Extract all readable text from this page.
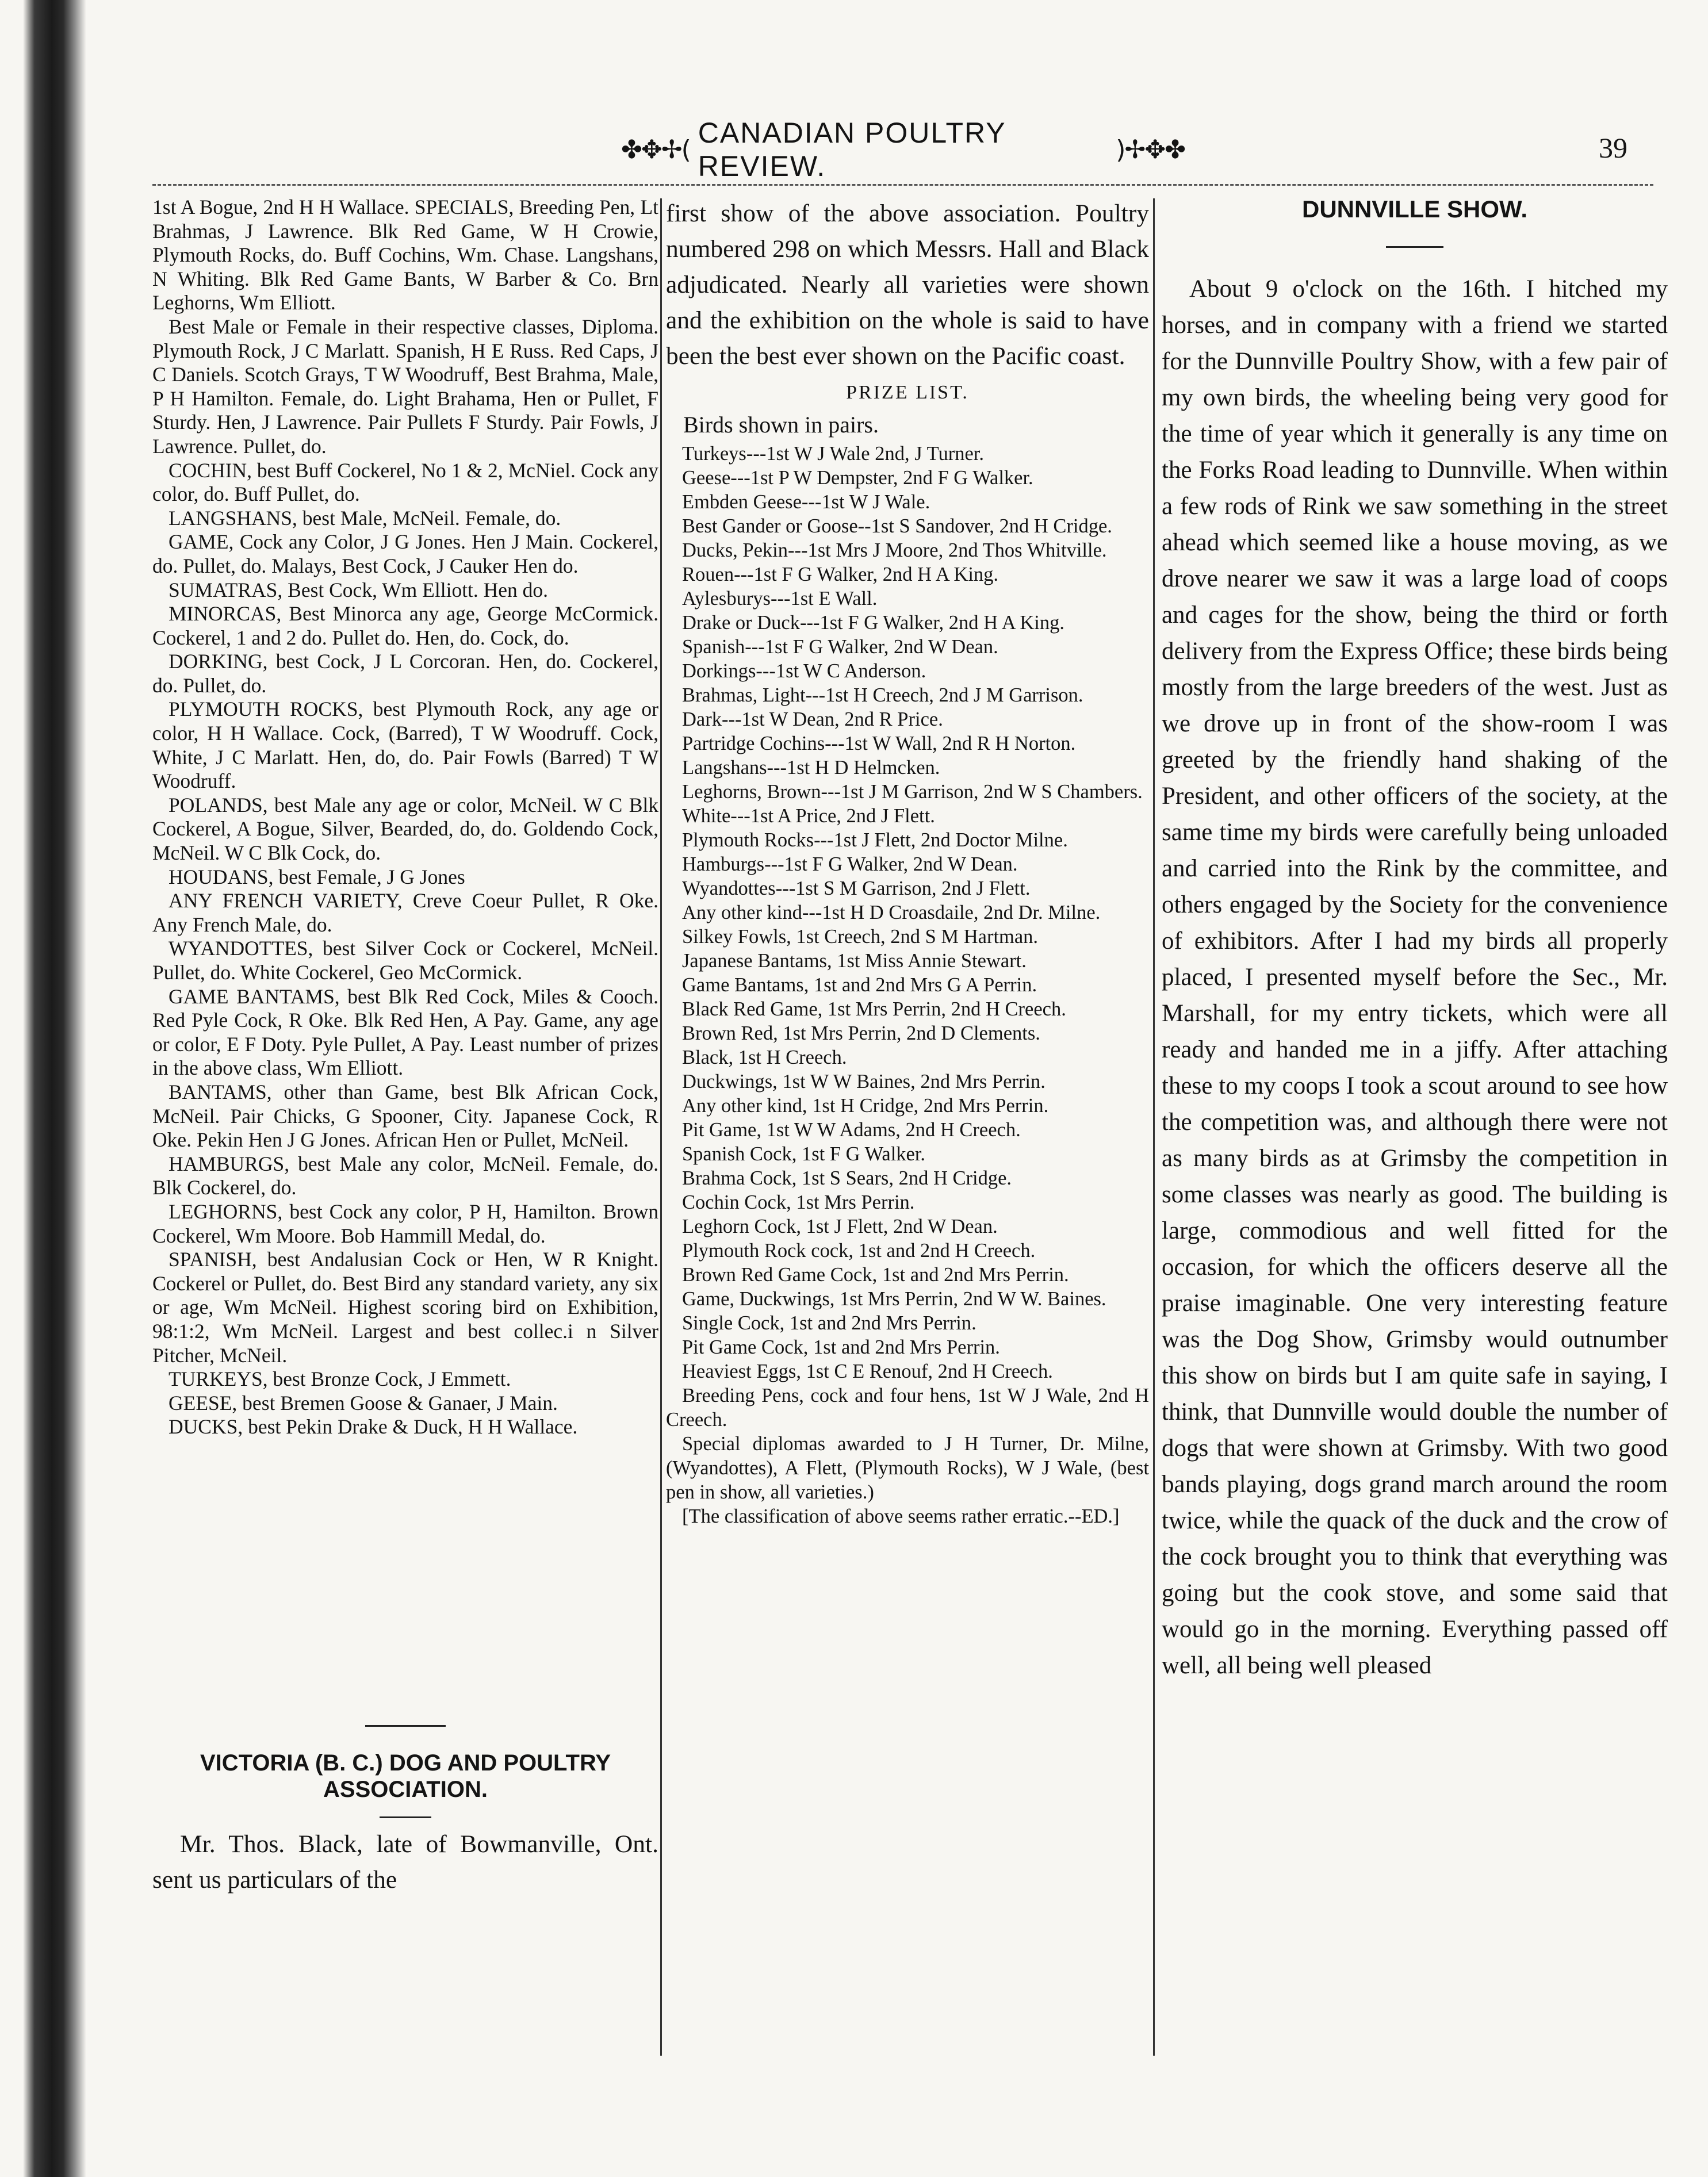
✤✥✢(
CANADIAN POULTRY REVIEW.
)✢✥✤	39

1st A Bogue, 2nd H H Wallace. SPECIALS, Breeding Pen, Lt Brahmas, J Lawrence. Blk Red Game, W H Crowie, Plymouth Rocks, do. Buff Cochins, Wm. Chase. Langshans, N Whiting. Blk Red Game Bants, W Barber & Co. Brn Leghorns, Wm Elliott.

Best Male or Female in their respective classes, Diploma. Plymouth Rock, J C Marlatt. Spanish, H E Russ. Red Caps, J C Daniels. Scotch Grays, T W Woodruff, Best Brahma, Male, P H Hamilton. Female, do. Light Brahama, Hen or Pullet, F Sturdy. Hen, J Lawrence. Pair Pullets F Sturdy. Pair Fowls, J Lawrence. Pullet, do.

COCHIN, best Buff Cockerel, No 1 & 2, McNiel. Cock any color, do. Buff Pullet, do.

LANGSHANS, best Male, McNeil. Female, do.

GAME, Cock any Color, J G Jones. Hen J Main. Cockerel, do. Pullet, do. Malays, Best Cock, J Cauker Hen do.

SUMATRAS, Best Cock, Wm Elliott. Hen do.

MINORCAS, Best Minorca any age, George McCormick. Cockerel, 1 and 2 do. Pullet do. Hen, do. Cock, do.

DORKING, best Cock, J L Corcoran. Hen, do. Cockerel, do. Pullet, do.

PLYMOUTH ROCKS, best Plymouth Rock, any age or color, H H Wallace. Cock, (Barred), T W Woodruff. Cock, White, J C Marlatt. Hen, do, do. Pair Fowls (Barred) T W Woodruff.

POLANDS, best Male any age or color, McNeil. W C Blk Cockerel, A Bogue, Silver, Bearded, do, do. Goldendo Cock, McNeil. W C Blk Cock, do.

HOUDANS, best Female, J G Jones

ANY FRENCH VARIETY, Creve Coeur Pullet, R Oke. Any French Male, do.

WYANDOTTES, best Silver Cock or Cockerel, McNeil. Pullet, do. White Cockerel, Geo McCormick.

GAME BANTAMS, best Blk Red Cock, Miles & Cooch. Red Pyle Cock, R Oke. Blk Red Hen, A Pay. Game, any age or color, E F Doty. Pyle Pullet, A Pay. Least number of prizes in the above class, Wm Elliott.

BANTAMS, other than Game, best Blk African Cock, McNeil. Pair Chicks, G Spooner, City. Japanese Cock, R Oke. Pekin Hen J G Jones. African Hen or Pullet, McNeil.

HAMBURGS, best Male any color, McNeil. Female, do. Blk Cockerel, do.

LEGHORNS, best Cock any color, P H, Hamilton. Brown Cockerel, Wm Moore. Bob Hammill Medal, do.

SPANISH, best Andalusian Cock or Hen, W R Knight. Cockerel or Pullet, do. Best Bird any standard variety, any six or age, Wm McNeil. Highest scoring bird on Exhibition, 98:1:2, Wm McNeil. Largest and best collec.i n Silver Pitcher, McNeil.

TURKEYS, best Bronze Cock, J Emmett.

GEESE, best Bremen Goose & Ganaer, J Main.

DUCKS, best Pekin Drake & Duck, H H Wallace.

VICTORIA (B. C.) DOG AND POULTRY ASSOCIATION.

Mr. Thos. Black, late of Bowmanville, Ont. sent us particulars of the

first show of the above association. Poultry numbered 298 on which Messrs. Hall and Black adjudicated. Nearly all varieties were shown and the exhibition on the whole is said to have been the best ever shown on the Pacific coast.

PRIZE LIST.
Birds shown in pairs.

Turkeys---1st W J Wale 2nd, J Turner.

Geese---1st P W Dempster, 2nd F G Walker.

Embden Geese---1st W J Wale.

Best Gander or Goose--1st S Sandover, 2nd H Cridge.

Ducks, Pekin---1st Mrs J Moore, 2nd Thos Whitville.

Rouen---1st F G Walker, 2nd H A King.

Aylesburys---1st E Wall.

Drake or Duck---1st F G Walker, 2nd H A King.

Spanish---1st F G Walker, 2nd W Dean.

Dorkings---1st W C Anderson.

Brahmas, Light---1st H Creech, 2nd J M Garrison.

Dark---1st W Dean, 2nd R Price.

Partridge Cochins---1st W Wall, 2nd R H Norton.

Langshans---1st H D Helmcken.

Leghorns, Brown---1st J M Garrison, 2nd W S Chambers.

White---1st A Price, 2nd J Flett.

Plymouth Rocks---1st J Flett, 2nd Doctor Milne.

Hamburgs---1st F G Walker, 2nd W Dean.

Wyandottes---1st S M Garrison, 2nd J Flett.

Any other kind---1st H D Croasdaile, 2nd Dr. Milne.

Silkey Fowls, 1st Creech, 2nd S M Hartman.

Japanese Bantams, 1st Miss Annie Stewart.

Game Bantams, 1st and 2nd Mrs G A Perrin.

Black Red Game, 1st Mrs Perrin, 2nd H Creech.

Brown Red, 1st Mrs Perrin, 2nd D Clements.

Black, 1st H Creech.

Duckwings, 1st W W Baines, 2nd Mrs Perrin.

Any other kind, 1st H Cridge, 2nd Mrs Perrin.

Pit Game, 1st W W Adams, 2nd H Creech.

Spanish Cock, 1st F G Walker.

Brahma Cock, 1st S Sears, 2nd H Cridge.

Cochin Cock, 1st Mrs Perrin.

Leghorn Cock, 1st J Flett, 2nd W Dean.

Plymouth Rock cock, 1st and 2nd H Creech.

Brown Red Game Cock, 1st and 2nd Mrs Perrin.

Game, Duckwings, 1st Mrs Perrin, 2nd W W. Baines.

Single Cock, 1st and 2nd Mrs Perrin.

Pit Game Cock, 1st and 2nd Mrs Perrin.

Heaviest Eggs, 1st C E Renouf, 2nd H Creech.

Breeding Pens, cock and four hens, 1st W J Wale, 2nd H Creech.

Special diplomas awarded to J H Turner, Dr. Milne, (Wyandottes), A Flett, (Plymouth Rocks), W J Wale, (best pen in show, all varieties.)

[The classification of above seems rather erratic.--ED.]

DUNNVILLE SHOW.

About 9 o'clock on the 16th. I hitched my horses, and in company with a friend we started for the Dunnville Poultry Show, with a few pair of my own birds, the wheeling being very good for the time of year which it generally is any time on the Forks Road leading to Dunnville. When within a few rods of Rink we saw something in the street ahead which seemed like a house moving, as we drove nearer we saw it was a large load of coops and cages for the show, being the third or forth delivery from the Express Office; these birds being mostly from the large breeders of the west. Just as we drove up in front of the show-room I was greeted by the friendly hand shaking of the President, and other officers of the society, at the same time my birds were carefully being unloaded and carried into the Rink by the committee, and others engaged by the Society for the convenience of exhibitors. After I had my birds all properly placed, I presented myself before the Sec., Mr. Marshall, for my entry tickets, which were all ready and handed me in a jiffy. After attaching these to my coops I took a scout around to see how the competition was, and although there were not as many birds as at Grimsby the competition in some classes was nearly as good. The building is large, commodious and well fitted for the occasion, for which the officers deserve all the praise imaginable. One very interesting feature was the Dog Show, Grimsby would outnumber this show on birds but I am quite safe in saying, I think, that Dunnville would double the number of dogs that were shown at Grimsby. With two good bands playing, dogs grand march around the room twice, while the quack of the duck and the crow of the cock brought you to think that everything was going but the cook stove, and some said that would go in the morning. Everything passed off well, all being well pleased
